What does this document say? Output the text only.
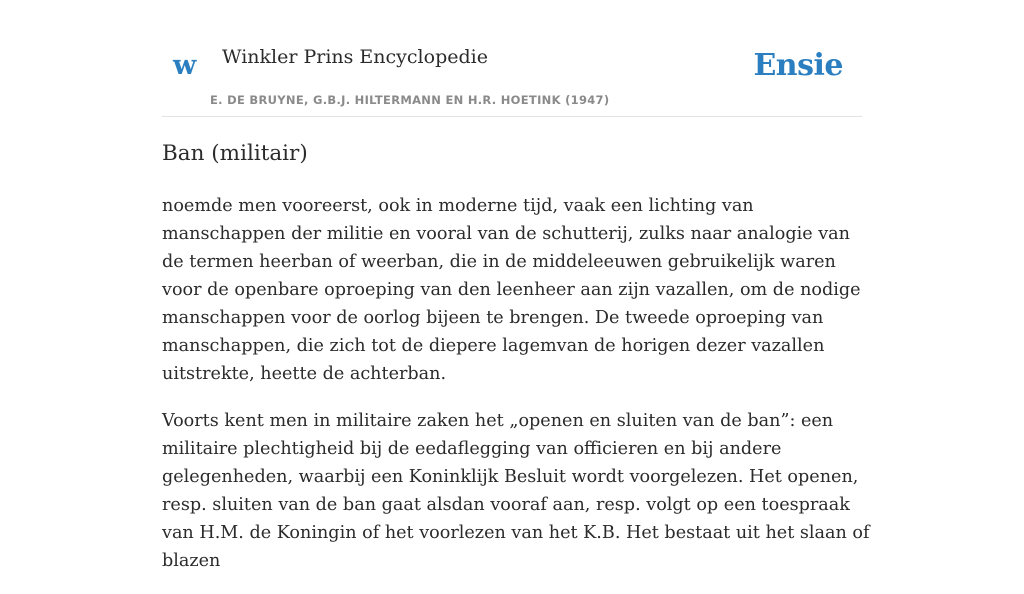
w Winkler Prins Encyclopedie
E. DE BRUYNE, G.B.J. HILTERMANN EN H.R. HOETINK (1947)
Ensie
Ban (militair)

noemde men vooreerst, ook in moderne tijd, vaak een lichting van manschappen der militie en vooral van de schutterij, zulks naar analogie van de termen heerban of weerban, die in de middeleeuwen gebruikelijk waren voor de openbare oproeping van den leenheer aan zijn vazallen, om de nodige manschappen voor de oorlog bijeen te brengen. De tweede oproeping van manschappen, die zich tot de diepere lagemvan de horigen dezer vazallen uitstrekte, heette de achterban.

Voorts kent men in militaire zaken het „openen en sluiten van de ban”: een militaire plechtigheid bij de eedaflegging van officieren en bij andere gelegenheden, waarbij een Koninklijk Besluit wordt voorgelezen. Het openen, resp. sluiten van de ban gaat alsdan vooraf aan, resp. volgt op een toespraak van H.M. de Koningin of het voorlezen van het K.B. Het bestaat uit het slaan of blazen
